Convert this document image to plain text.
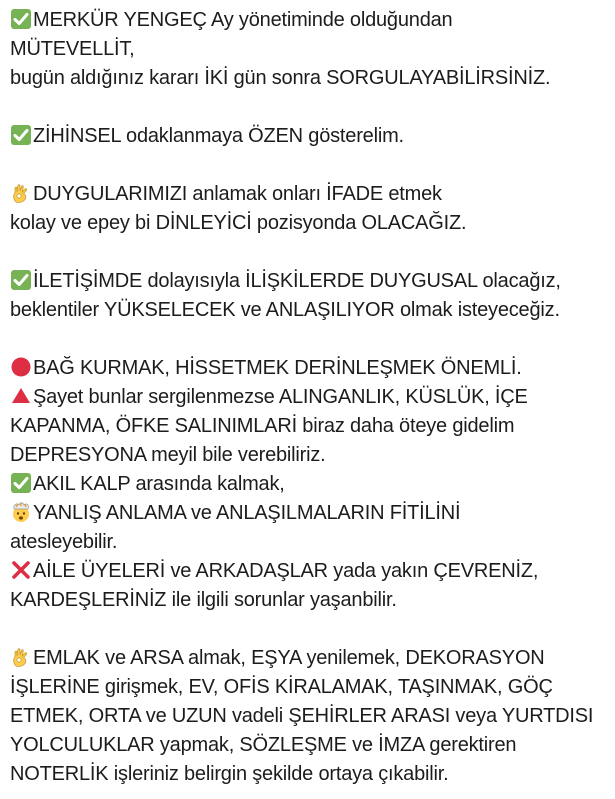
MERKÜR YENGEÇ Ay yönetiminde olduğundan
MÜTEVELLİT,
bugün aldığınız kararı İKİ gün sonra SORGULAYABİLİRSİNİZ.
ZİHİNSEL odaklanmaya ÖZEN gösterelim.
DUYGULARIMIZI anlamak onları İFADE etmek
kolay ve epey bi DİNLEYİCİ pozisyonda OLACAĞIZ.
İLETİŞİMDE dolayısıyla İLİŞKİLERDE DUYGUSAL olacağız,
beklentiler YÜKSELECEK ve ANLAŞILIYOR olmak isteyeceğiz.
BAĞ KURMAK, HİSSETMEK DERİNLEŞMEK ÖNEMLİ.
Şayet bunlar sergilenmezse ALINGANLIK, KÜSLÜK, İÇE
KAPANMA, ÖFKE SALINIMLARİ biraz daha öteye gidelim
DEPRESYONA meyil bile verebiliriz.
AKIL KALP arasında kalmak,
YANLIŞ ANLAMA ve ANLAŞILMALARIN FİTİLİNİ
atesleyebilir.
AİLE ÜYELERİ ve ARKADAŞLAR yada yakın ÇEVRENİZ,
KARDEŞLERİNİZ ile ilgili sorunlar yaşanbilir.
EMLAK ve ARSA almak, EŞYA yenilemek, DEKORASYON
İŞLERİNE girişmek, EV, OFİS KİRALAMAK, TAŞINMAK, GÖÇ
ETMEK, ORTA ve UZUN vadeli ŞEHİRLER ARASI veya YURTDISI
YOLCULUKLAR yapmak, SÖZLEŞME ve İMZA gerektiren
NOTERLİK işleriniz belirgin şekilde ortaya çıkabilir.
